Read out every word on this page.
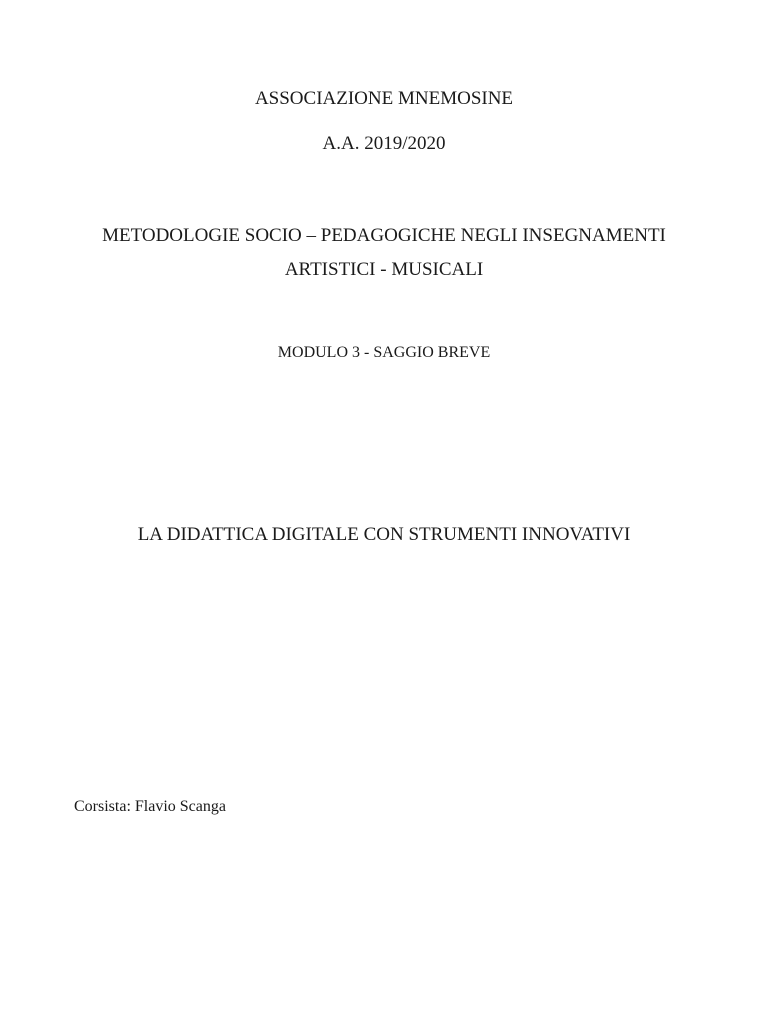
ASSOCIAZIONE MNEMOSINE
A.A. 2019/2020
METODOLOGIE SOCIO – PEDAGOGICHE NEGLI INSEGNAMENTI
ARTISTICI - MUSICALI
MODULO 3 - SAGGIO BREVE
LA DIDATTICA DIGITALE CON STRUMENTI INNOVATIVI
Corsista: Flavio Scanga
